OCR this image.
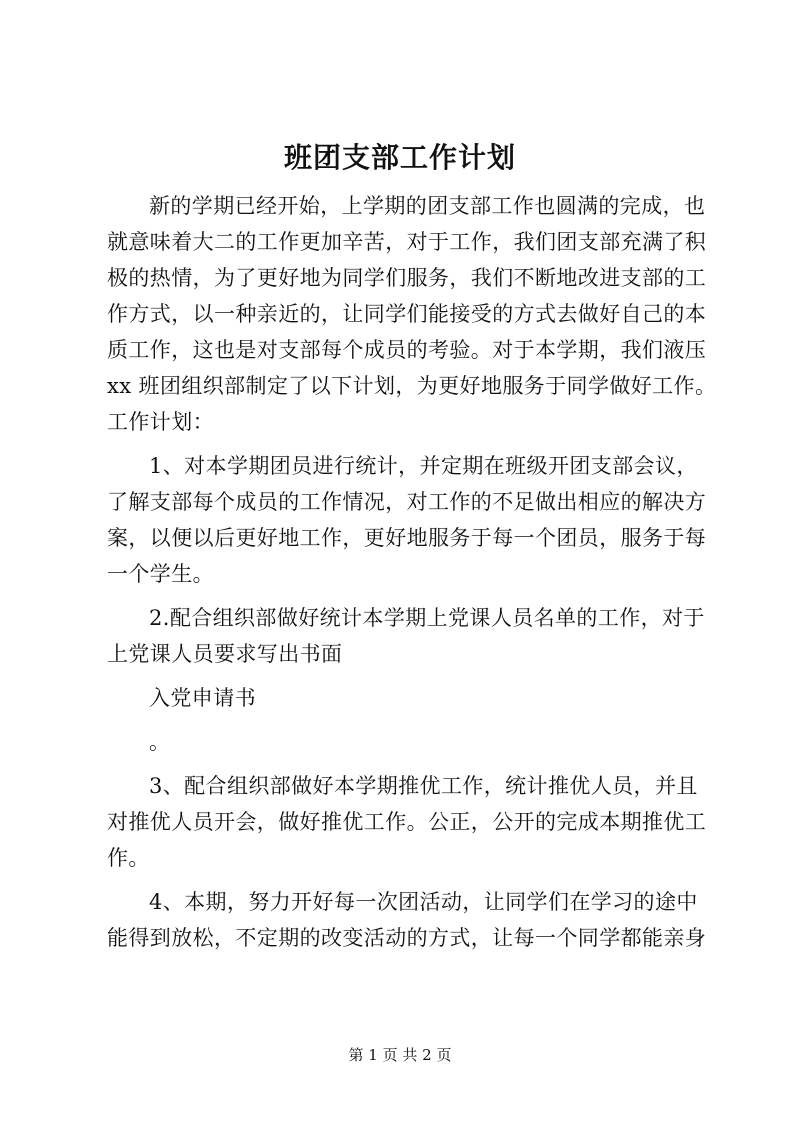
班团支部工作计划

新的学期已经开始，上学期的团支部工作也圆满的完成，也
就意味着大二的工作更加辛苦，对于工作，我们团支部充满了积
极的热情，为了更好地为同学们服务，我们不断地改进支部的工
作方式，以一种亲近的，让同学们能接受的方式去做好自己的本
质工作，这也是对支部每个成员的考验。对于本学期，我们液压
xx 班团组织部制定了以下计划，为更好地服务于同学做好工作。
工作计划：

1、对本学期团员进行统计，并定期在班级开团支部会议，
了解支部每个成员的工作情况，对工作的不足做出相应的解决方
案，以便以后更好地工作，更好地服务于每一个团员，服务于每
一个学生。

2.配合组织部做好统计本学期上党课人员名单的工作，对于
上党课人员要求写出书面

入党申请书

。

3、配合组织部做好本学期推优工作，统计推优人员，并且
对推优人员开会，做好推优工作。公正，公开的完成本期推优工
作。

4、本期，努力开好每一次团活动，让同学们在学习的途中
能得到放松，不定期的改变活动的方式，让每一个同学都能亲身

第 1 页 共 2 页
